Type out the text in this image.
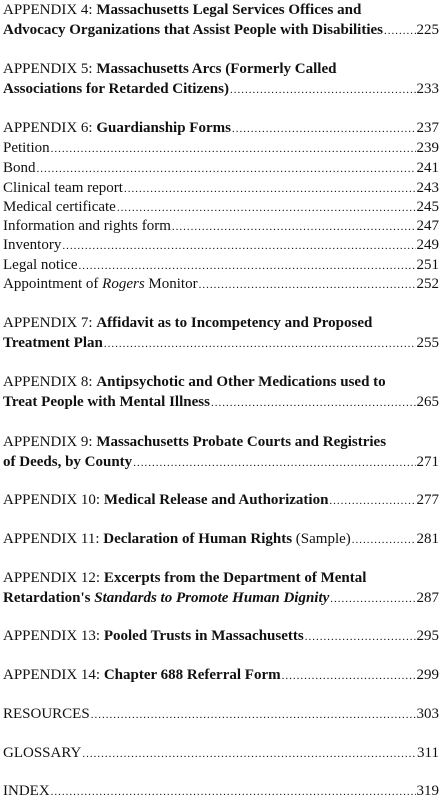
APPENDIX 4: Massachusetts Legal Services Offices and
Advocacy Organizations that Assist People with Disabilities ..... 225
APPENDIX 5: Massachusetts Arcs (Formerly Called
Associations for Retarded Citizens) .....	233
APPENDIX 6: Guardianship Forms .....	237
Petition .....	239
Bond .....	241
Clinical team report .....	243
Medical certificate .....	245
Information and rights form .....	247
Inventory .....	249
Legal notice .....	251
Appointment of Rogers Monitor .....	252
APPENDIX 7: Affidavit as to Incompetency and Proposed
Treatment Plan .....	255
APPENDIX 8: Antipsychotic and Other Medications used to
Treat People with Mental Illness .....	265
APPENDIX 9: Massachusetts Probate Courts and Registries
of Deeds, by County .....	271
APPENDIX 10: Medical Release and Authorization .....	277
APPENDIX 11: Declaration of Human Rights (Sample) .....	281
APPENDIX 12: Excerpts from the Department of Mental
Retardation's Standards to Promote Human Dignity .....	287
APPENDIX 13: Pooled Trusts in Massachusetts .....	295
APPENDIX 14: Chapter 688 Referral Form .....	299
RESOURCES .....	303
GLOSSARY .....	311
INDEX .....	319
